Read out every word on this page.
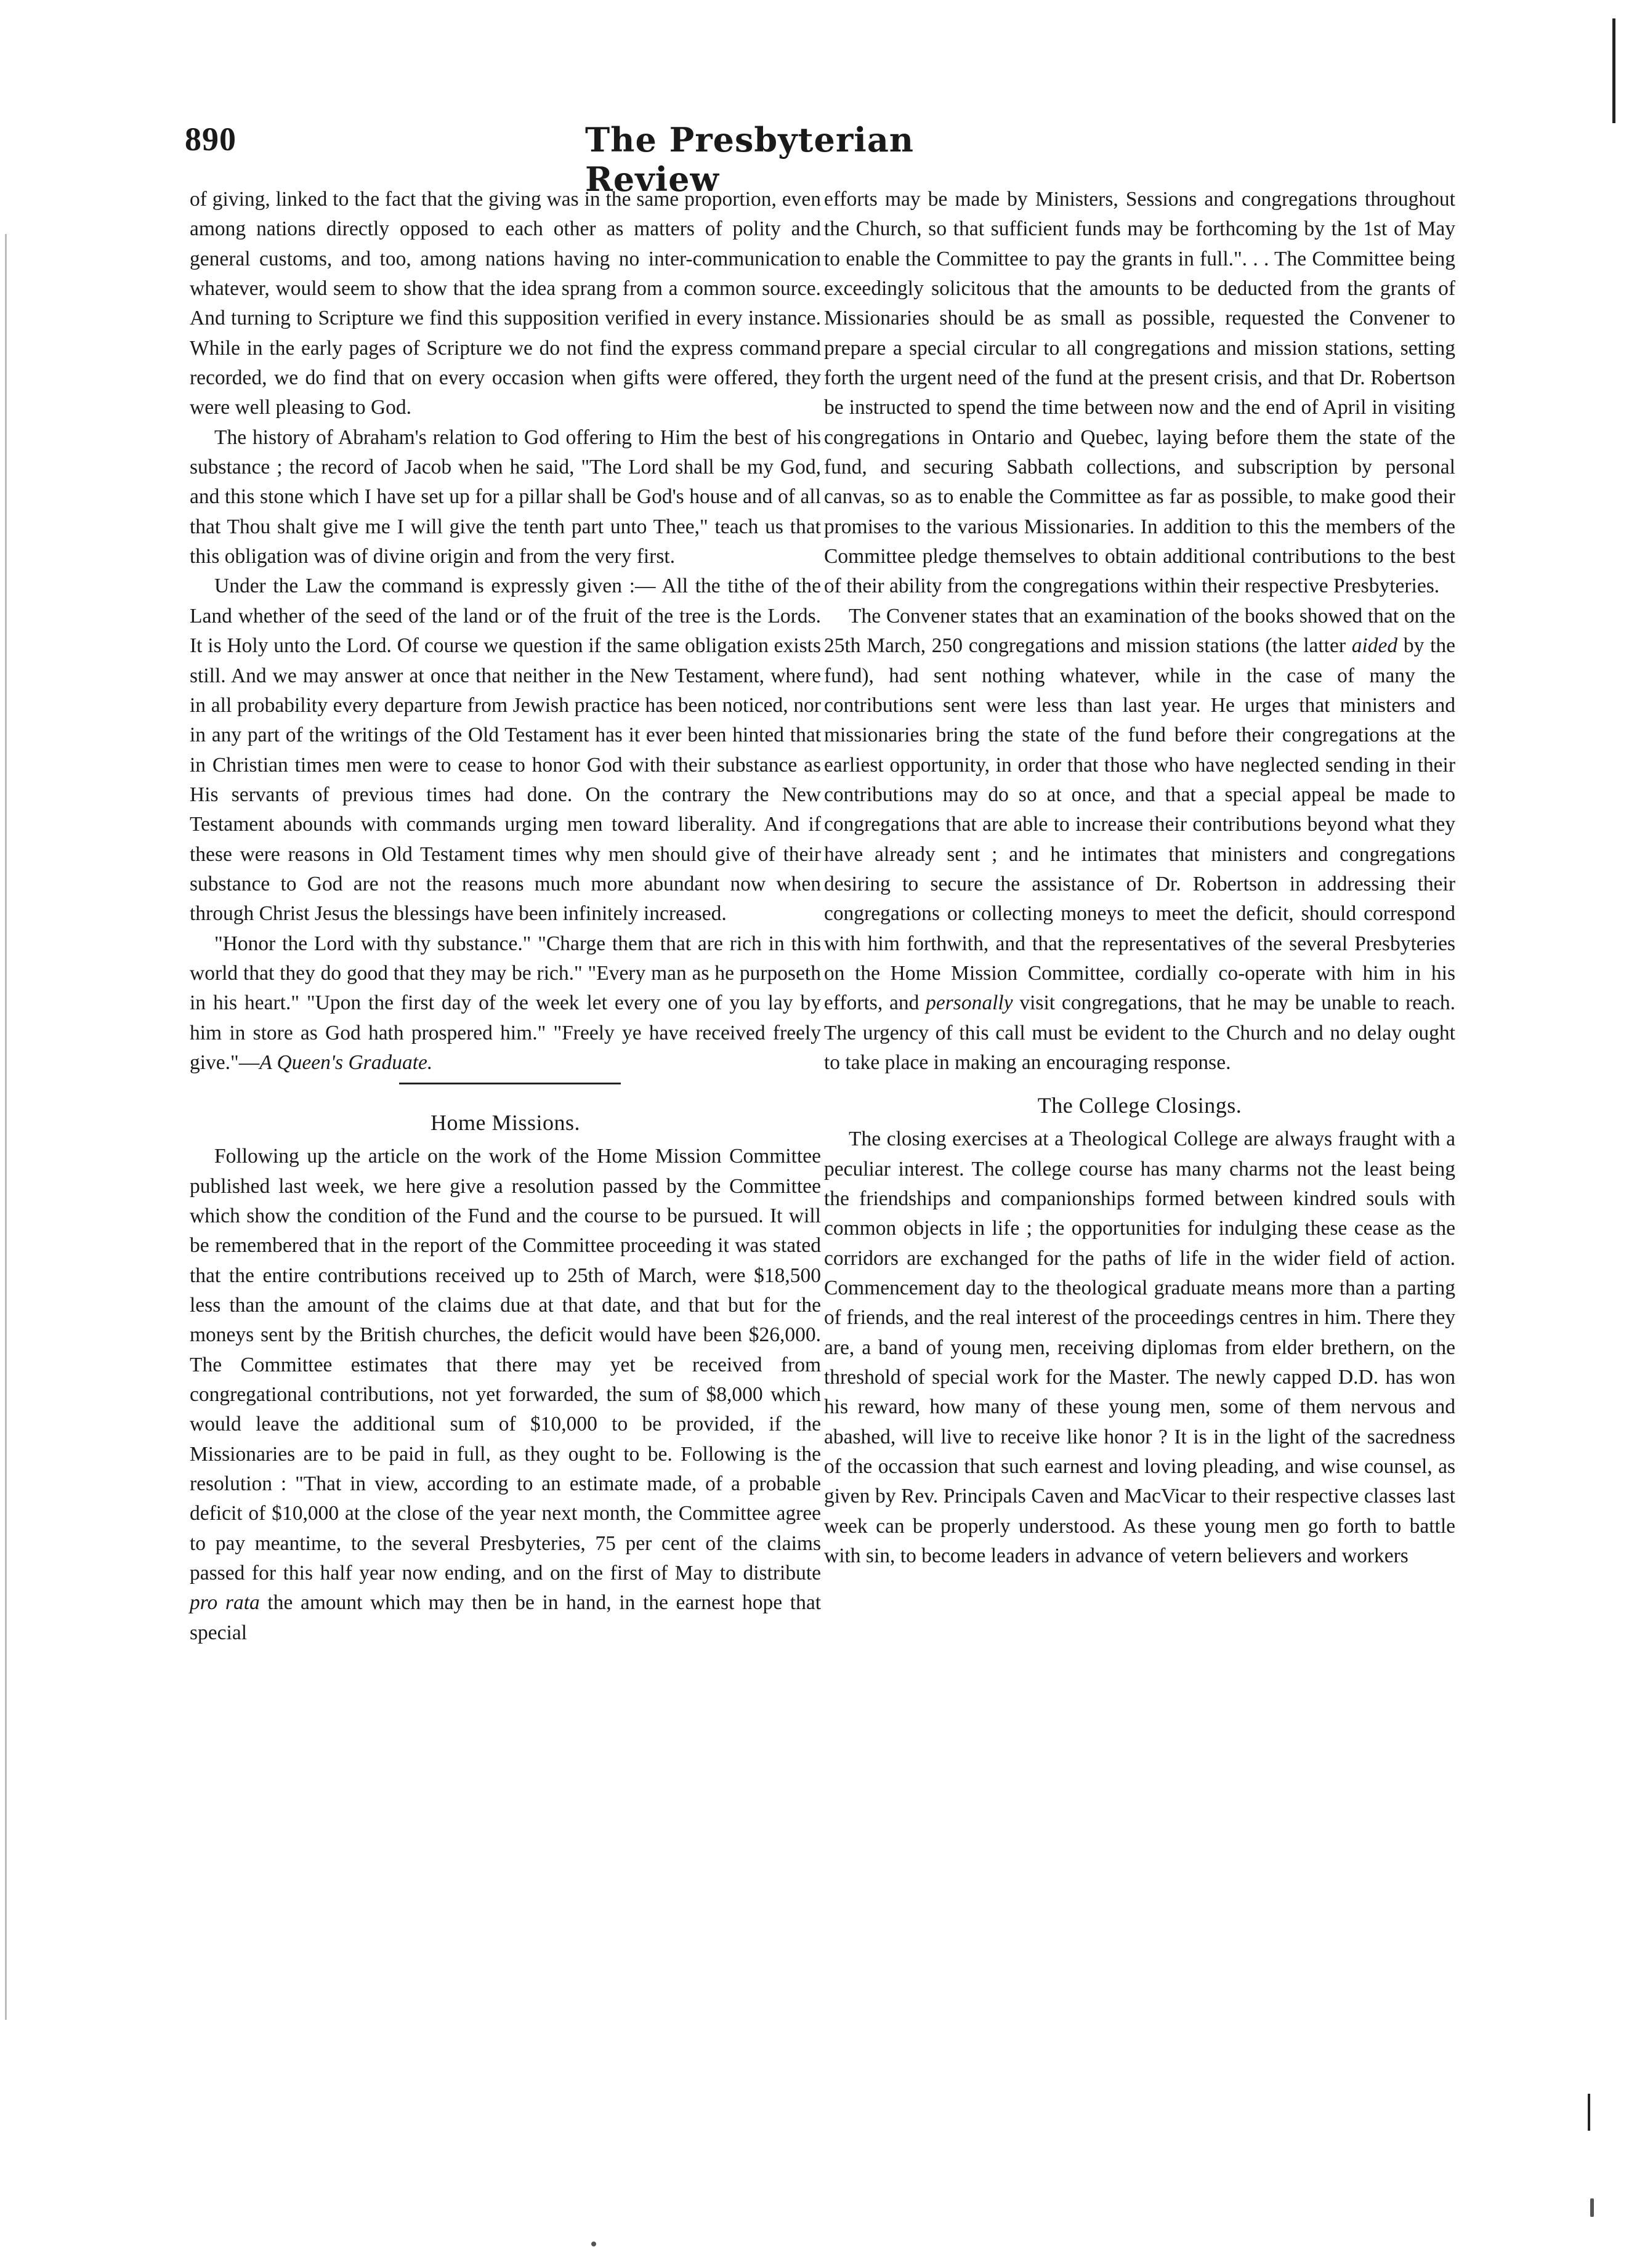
890	The Presbyterian Review

of giving, linked to the fact that the giving was in the same proportion, even among nations directly opposed to each other as matters of polity and general customs, and too, among nations having no inter-communication whatever, would seem to show that the idea sprang from a common source. And turning to Scripture we find this supposition verified in every instance. While in the early pages of Scripture we do not find the express command recorded, we do find that on every occasion when gifts were offered, they were well pleasing to God.

The history of Abraham's relation to God offering to Him the best of his substance ; the record of Jacob when he said, "The Lord shall be my God, and this stone which I have set up for a pillar shall be God's house and of all that Thou shalt give me I will give the tenth part unto Thee," teach us that this obligation was of divine origin and from the very first.

Under the Law the command is expressly given :— All the tithe of the Land whether of the seed of the land or of the fruit of the tree is the Lords. It is Holy unto the Lord. Of course we question if the same obligation exists still. And we may answer at once that neither in the New Testament, where in all probability every departure from Jewish practice has been noticed, nor in any part of the writings of the Old Testament has it ever been hinted that in Christian times men were to cease to honor God with their substance as His servants of previous times had done. On the contrary the New Testament abounds with commands urging men toward liberality. And if these were reasons in Old Testament times why men should give of their substance to God are not the reasons much more abundant now when through Christ Jesus the blessings have been infinitely increased.

"Honor the Lord with thy substance." "Charge them that are rich in this world that they do good that they may be rich." "Every man as he purposeth in his heart." "Upon the first day of the week let every one of you lay by him in store as God hath prospered him." "Freely ye have received freely give."—A Queen's Graduate.

Home Missions.

Following up the article on the work of the Home Mission Committee published last week, we here give a resolution passed by the Committee which show the condition of the Fund and the course to be pursued. It will be remembered that in the report of the Committee proceeding it was stated that the entire contributions received up to 25th of March, were $18,500 less than the amount of the claims due at that date, and that but for the moneys sent by the British churches, the deficit would have been $26,000. The Committee estimates that there may yet be received from congregational contributions, not yet forwarded, the sum of $8,000 which would leave the additional sum of $10,000 to be provided, if the Missionaries are to be paid in full, as they ought to be. Following is the resolution : "That in view, according to an estimate made, of a probable deficit of $10,000 at the close of the year next month, the Committee agree to pay meantime, to the several Presbyteries, 75 per cent of the claims passed for this half year now ending, and on the first of May to distribute pro rata the amount which may then be in hand, in the earnest hope that special

efforts may be made by Ministers, Sessions and congregations throughout the Church, so that sufficient funds may be forthcoming by the 1st of May to enable the Committee to pay the grants in full.". . . The Committee being exceedingly solicitous that the amounts to be deducted from the grants of Missionaries should be as small as possible, requested the Convener to prepare a special circular to all congregations and mission stations, setting forth the urgent need of the fund at the present crisis, and that Dr. Robertson be instructed to spend the time between now and the end of April in visiting congregations in Ontario and Quebec, laying before them the state of the fund, and securing Sabbath collections, and subscription by personal canvas, so as to enable the Committee as far as possible, to make good their promises to the various Missionaries. In addition to this the members of the Committee pledge themselves to obtain additional contributions to the best of their ability from the congregations within their respective Presbyteries.

The Convener states that an examination of the books showed that on the 25th March, 250 congregations and mission stations (the latter aided by the fund), had sent nothing whatever, while in the case of many the contributions sent were less than last year. He urges that ministers and missionaries bring the state of the fund before their congregations at the earliest opportunity, in order that those who have neglected sending in their contributions may do so at once, and that a special appeal be made to congregations that are able to increase their contributions beyond what they have already sent ; and he intimates that ministers and congregations desiring to secure the assistance of Dr. Robertson in addressing their congregations or collecting moneys to meet the deficit, should correspond with him forthwith, and that the representatives of the several Presbyteries on the Home Mission Committee, cordially co-operate with him in his efforts, and personally visit congregations, that he may be unable to reach. The urgency of this call must be evident to the Church and no delay ought to take place in making an encouraging response.

The College Closings.

The closing exercises at a Theological College are always fraught with a peculiar interest. The college course has many charms not the least being the friendships and companionships formed between kindred souls with common objects in life ; the opportunities for indulging these cease as the corridors are exchanged for the paths of life in the wider field of action. Commencement day to the theological graduate means more than a parting of friends, and the real interest of the proceedings centres in him. There they are, a band of young men, receiving diplomas from elder brethern, on the threshold of special work for the Master. The newly capped D.D. has won his reward, how many of these young men, some of them nervous and abashed, will live to receive like honor ? It is in the light of the sacredness of the occassion that such earnest and loving pleading, and wise counsel, as given by Rev. Principals Caven and MacVicar to their respective classes last week can be properly understood. As these young men go forth to battle with sin, to become leaders in advance of vetern believers and workers
